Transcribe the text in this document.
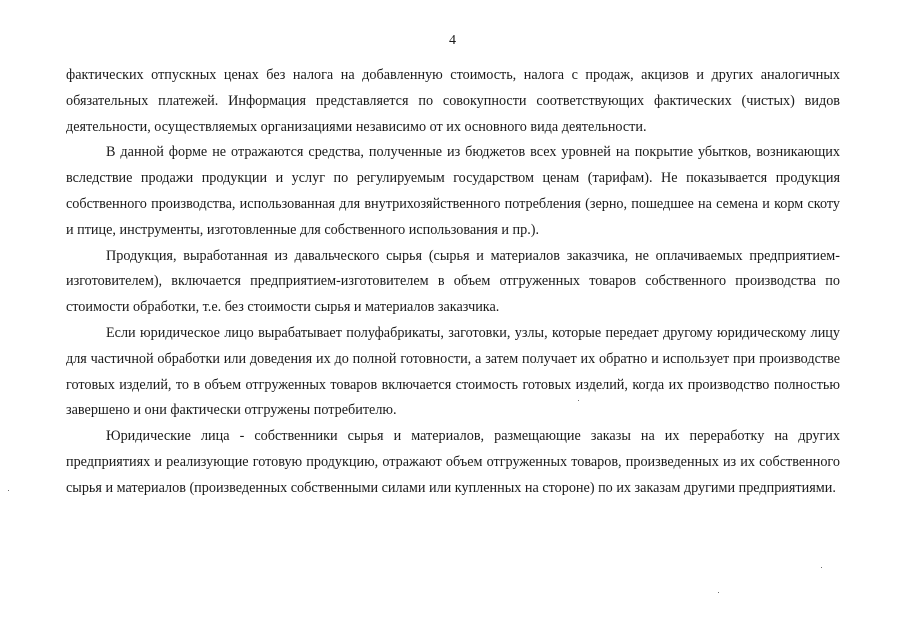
4

фактических отпускных ценах без налога на добавленную стоимость, налога с продаж, акцизов и других аналогичных обязательных платежей. Информация представляется по совокупности соответствующих фактических (чистых) видов деятельности, осуществляемых организациями независимо от их основного вида деятельности.

В данной форме не отражаются средства, полученные из бюджетов всех уровней на покрытие убытков, возникающих вследствие продажи продукции и услуг по регулируемым государством ценам (тарифам). Не показывается продукция собственного производства, использованная для внутрихозяйственного потребления (зерно, пошедшее на семена и корм скоту и птице, инструменты, изготовленные для собственного использования и пр.).

Продукция, выработанная из давальческого сырья (сырья и материалов заказчика, не оплачиваемых предприятием-изготовителем), включается предприятием-изготовителем в объем отгруженных товаров собственного производства по стоимости обработки, т.е. без стоимости сырья и материалов заказчика.

Если юридическое лицо вырабатывает полуфабрикаты, заготовки, узлы, которые передает другому юридическому лицу для частичной обработки или доведения их до полной готовности, а затем получает их обратно и использует при производстве готовых изделий, то в объем отгруженных товаров включается стоимость готовых изделий, когда их производство полностью завершено и они фактически отгружены потребителю.

Юридические лица - собственники сырья и материалов, размещающие заказы на их переработку на других предприятиях и реализующие готовую продукцию, отражают объем отгруженных товаров, произведенных из их собственного сырья и материалов (произведенных собственными силами или купленных на стороне) по их заказам другими предприятиями.
